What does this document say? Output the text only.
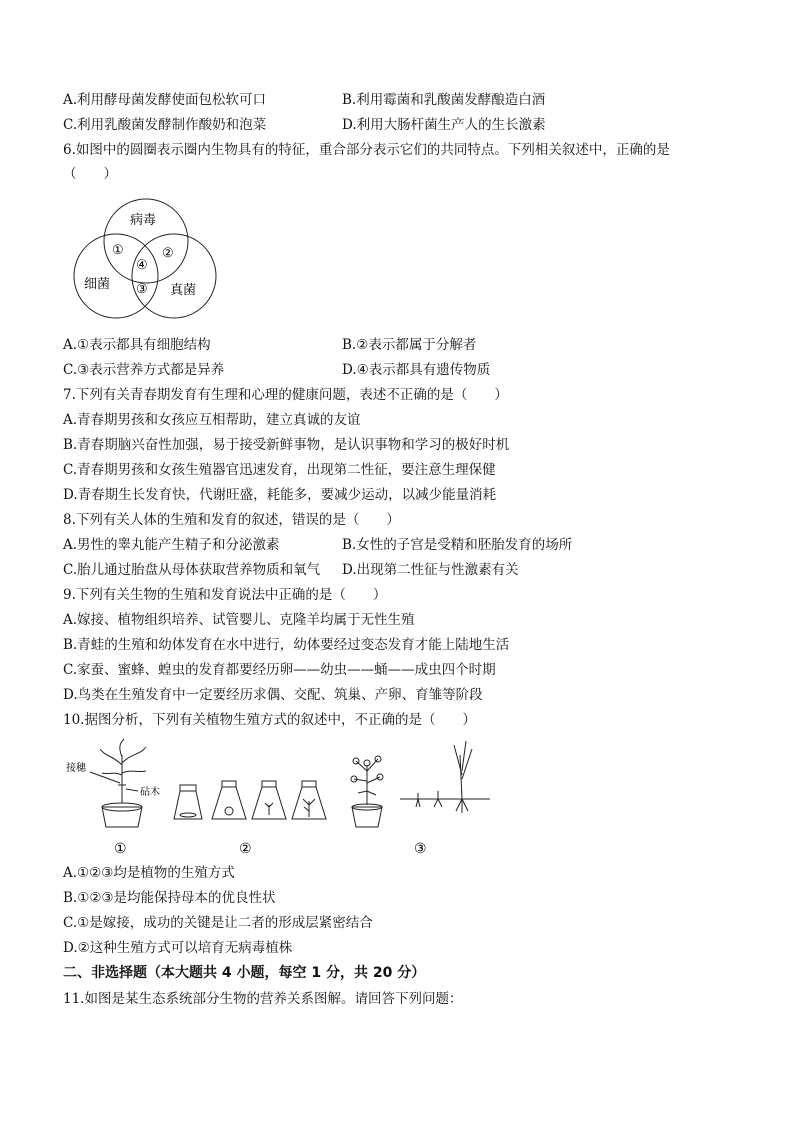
A.利用酵母菌发酵使面包松软可口	B.利用霉菌和乳酸菌发酵酿造白酒
C.利用乳酸菌发酵制作酸奶和泡菜	D.利用大肠杆菌生产人的生长激素
6.如图中的圆圈表示圈内生物具有的特征，重合部分表示它们的共同特点。下列相关叙述中，正确的是
（　　）
病毒
细菌	真菌
①	②
④
③
A.①表示都具有细胞结构	B.②表示都属于分解者
C.③表示营养方式都是异养	D.④表示都具有遗传物质
7.下列有关青春期发育有生理和心理的健康问题，表述不正确的是（　　）
A.青春期男孩和女孩应互相帮助，建立真诚的友谊
B.青春期脑兴奋性加强，易于接受新鲜事物，是认识事物和学习的极好时机
C.青春期男孩和女孩生殖器官迅速发育，出现第二性征，要注意生理保健
D.青春期生长发育快，代谢旺盛，耗能多，要减少运动，以减少能量消耗
8.下列有关人体的生殖和发育的叙述，错误的是（　　）
A.男性的睾丸能产生精子和分泌激素	B.女性的子宫是受精和胚胎发育的场所
C.胎儿通过胎盘从母体获取营养物质和氧气 D.出现第二性征与性激素有关
9.下列有关生物的生殖和发育说法中正确的是（　　）
A.嫁接、植物组织培养、试管婴儿、克隆羊均属于无性生殖
B.青蛙的生殖和幼体发育在水中进行，幼体要经过变态发育才能上陆地生活
C.家蚕、蜜蜂、蝗虫的发育都要经历卵——幼虫——蛹——成虫四个时期
D.鸟类在生殖发育中一定要经历求偶、交配、筑巢、产卵、育雏等阶段
10.据图分析，下列有关植物生殖方式的叙述中，不正确的是（　　）
接穗
砧木
①	②	③
A.①②③均是植物的生殖方式
B.①②③是均能保持母本的优良性状
C.①是嫁接，成功的关键是让二者的形成层紧密结合
D.②这种生殖方式可以培育无病毒植株
二、非选择题（本大题共 4 小题，每空 1 分，共 20 分）
11.如图是某生态系统部分生物的营养关系图解。请回答下列问题：
